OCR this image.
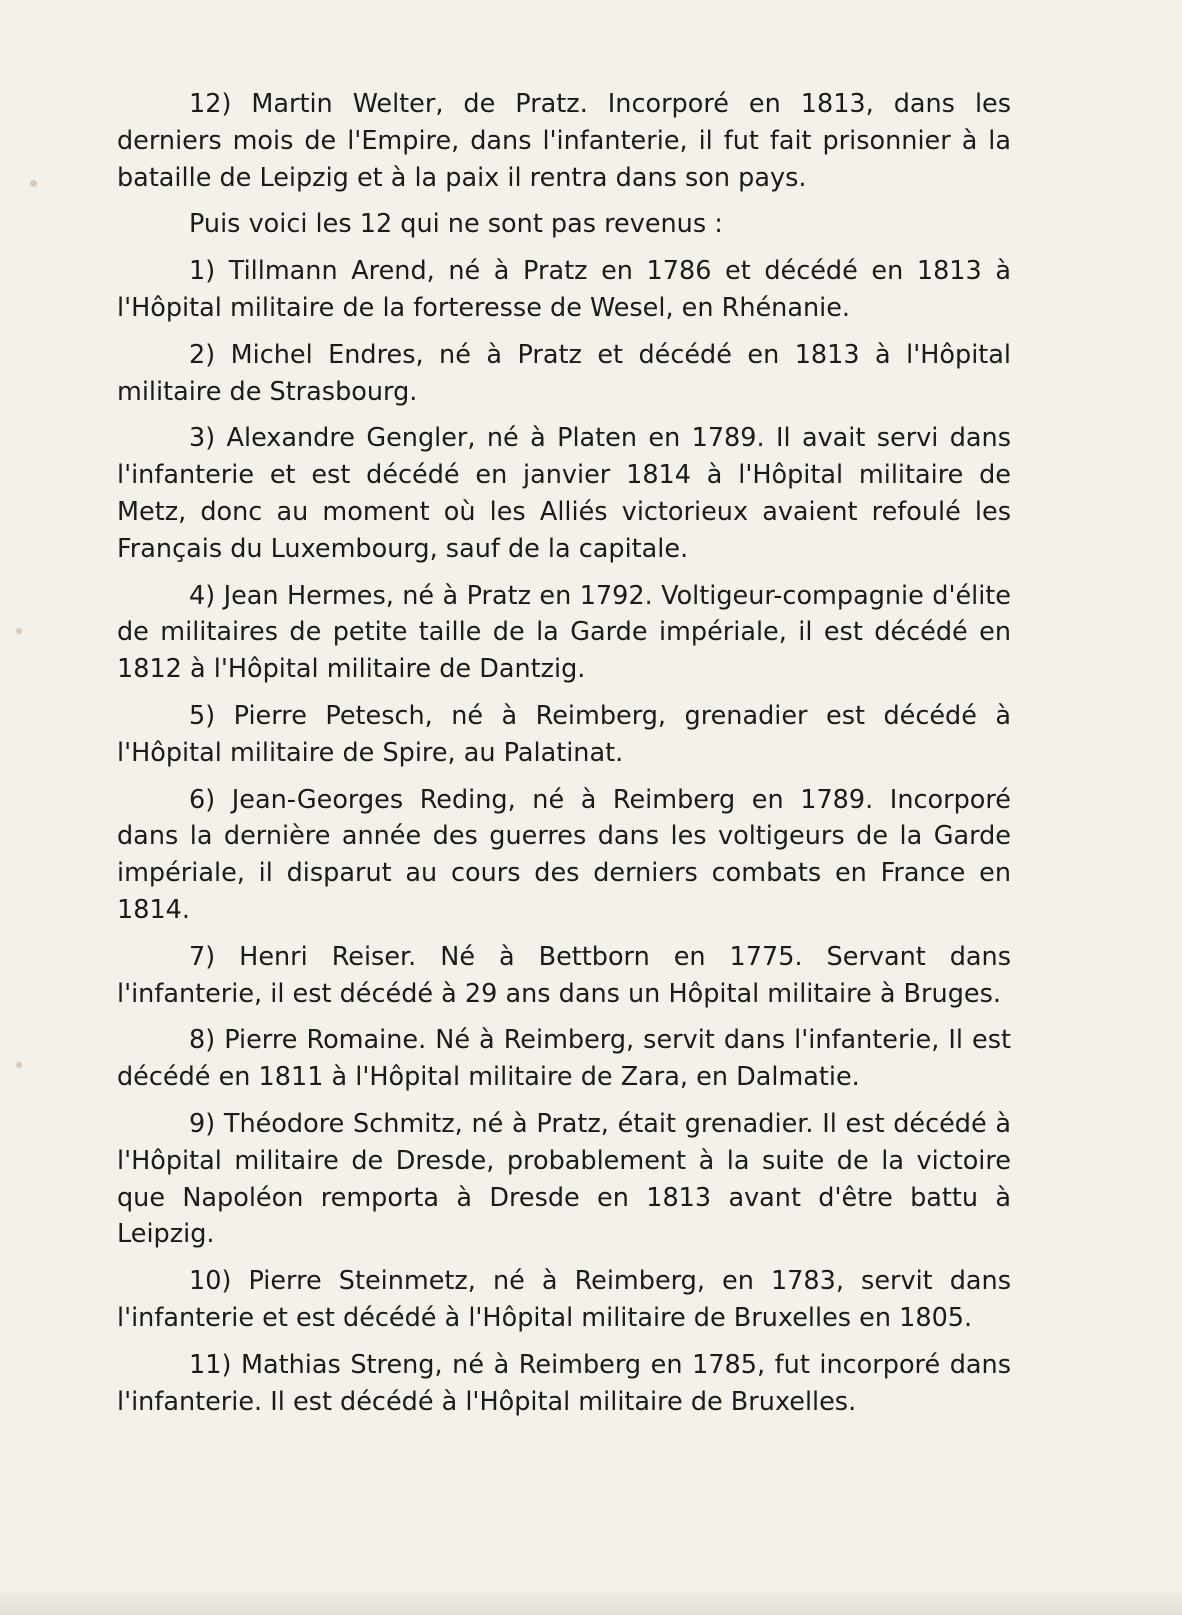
12) Martin Welter, de Pratz. Incorporé en 1813, dans les derniers mois de l'Empire, dans l'infanterie, il fut fait prisonnier à la bataille de Leipzig et à la paix il rentra dans son pays.

Puis voici les 12 qui ne sont pas revenus :

1) Tillmann Arend, né à Pratz en 1786 et décédé en 1813 à l'Hôpital militaire de la forteresse de Wesel, en Rhénanie.

2) Michel Endres, né à Pratz et décédé en 1813 à l'Hôpital militaire de Strasbourg.

3) Alexandre Gengler, né à Platen en 1789. Il avait servi dans l'infanterie et est décédé en janvier 1814 à l'Hôpital militaire de Metz, donc au moment où les Alliés victorieux avaient refoulé les Français du Luxembourg, sauf de la capitale.

4) Jean Hermes, né à Pratz en 1792. Voltigeur-compagnie d'élite de militaires de petite taille de la Garde impériale, il est décédé en 1812 à l'Hôpital militaire de Dantzig.

5) Pierre Petesch, né à Reimberg, grenadier est décédé à l'Hôpital militaire de Spire, au Palatinat.

6) Jean-Georges Reding, né à Reimberg en 1789. Incorporé dans la dernière année des guerres dans les voltigeurs de la Garde impériale, il disparut au cours des derniers combats en France en 1814.

7) Henri Reiser. Né à Bettborn en 1775. Servant dans l'infanterie, il est décédé à 29 ans dans un Hôpital militaire à Bruges.

8) Pierre Romaine. Né à Reimberg, servit dans l'infanterie, Il est décédé en 1811 à l'Hôpital militaire de Zara, en Dalmatie.

9) Théodore Schmitz, né à Pratz, était grenadier. Il est décédé à l'Hôpital militaire de Dresde, probablement à la suite de la victoire que Napoléon remporta à Dresde en 1813 avant d'être battu à Leipzig.

10) Pierre Steinmetz, né à Reimberg, en 1783, servit dans l'infanterie et est décédé à l'Hôpital militaire de Bruxelles en 1805.

11) Mathias Streng, né à Reimberg en 1785, fut incorporé dans l'infanterie. Il est décédé à l'Hôpital militaire de Bruxelles.
